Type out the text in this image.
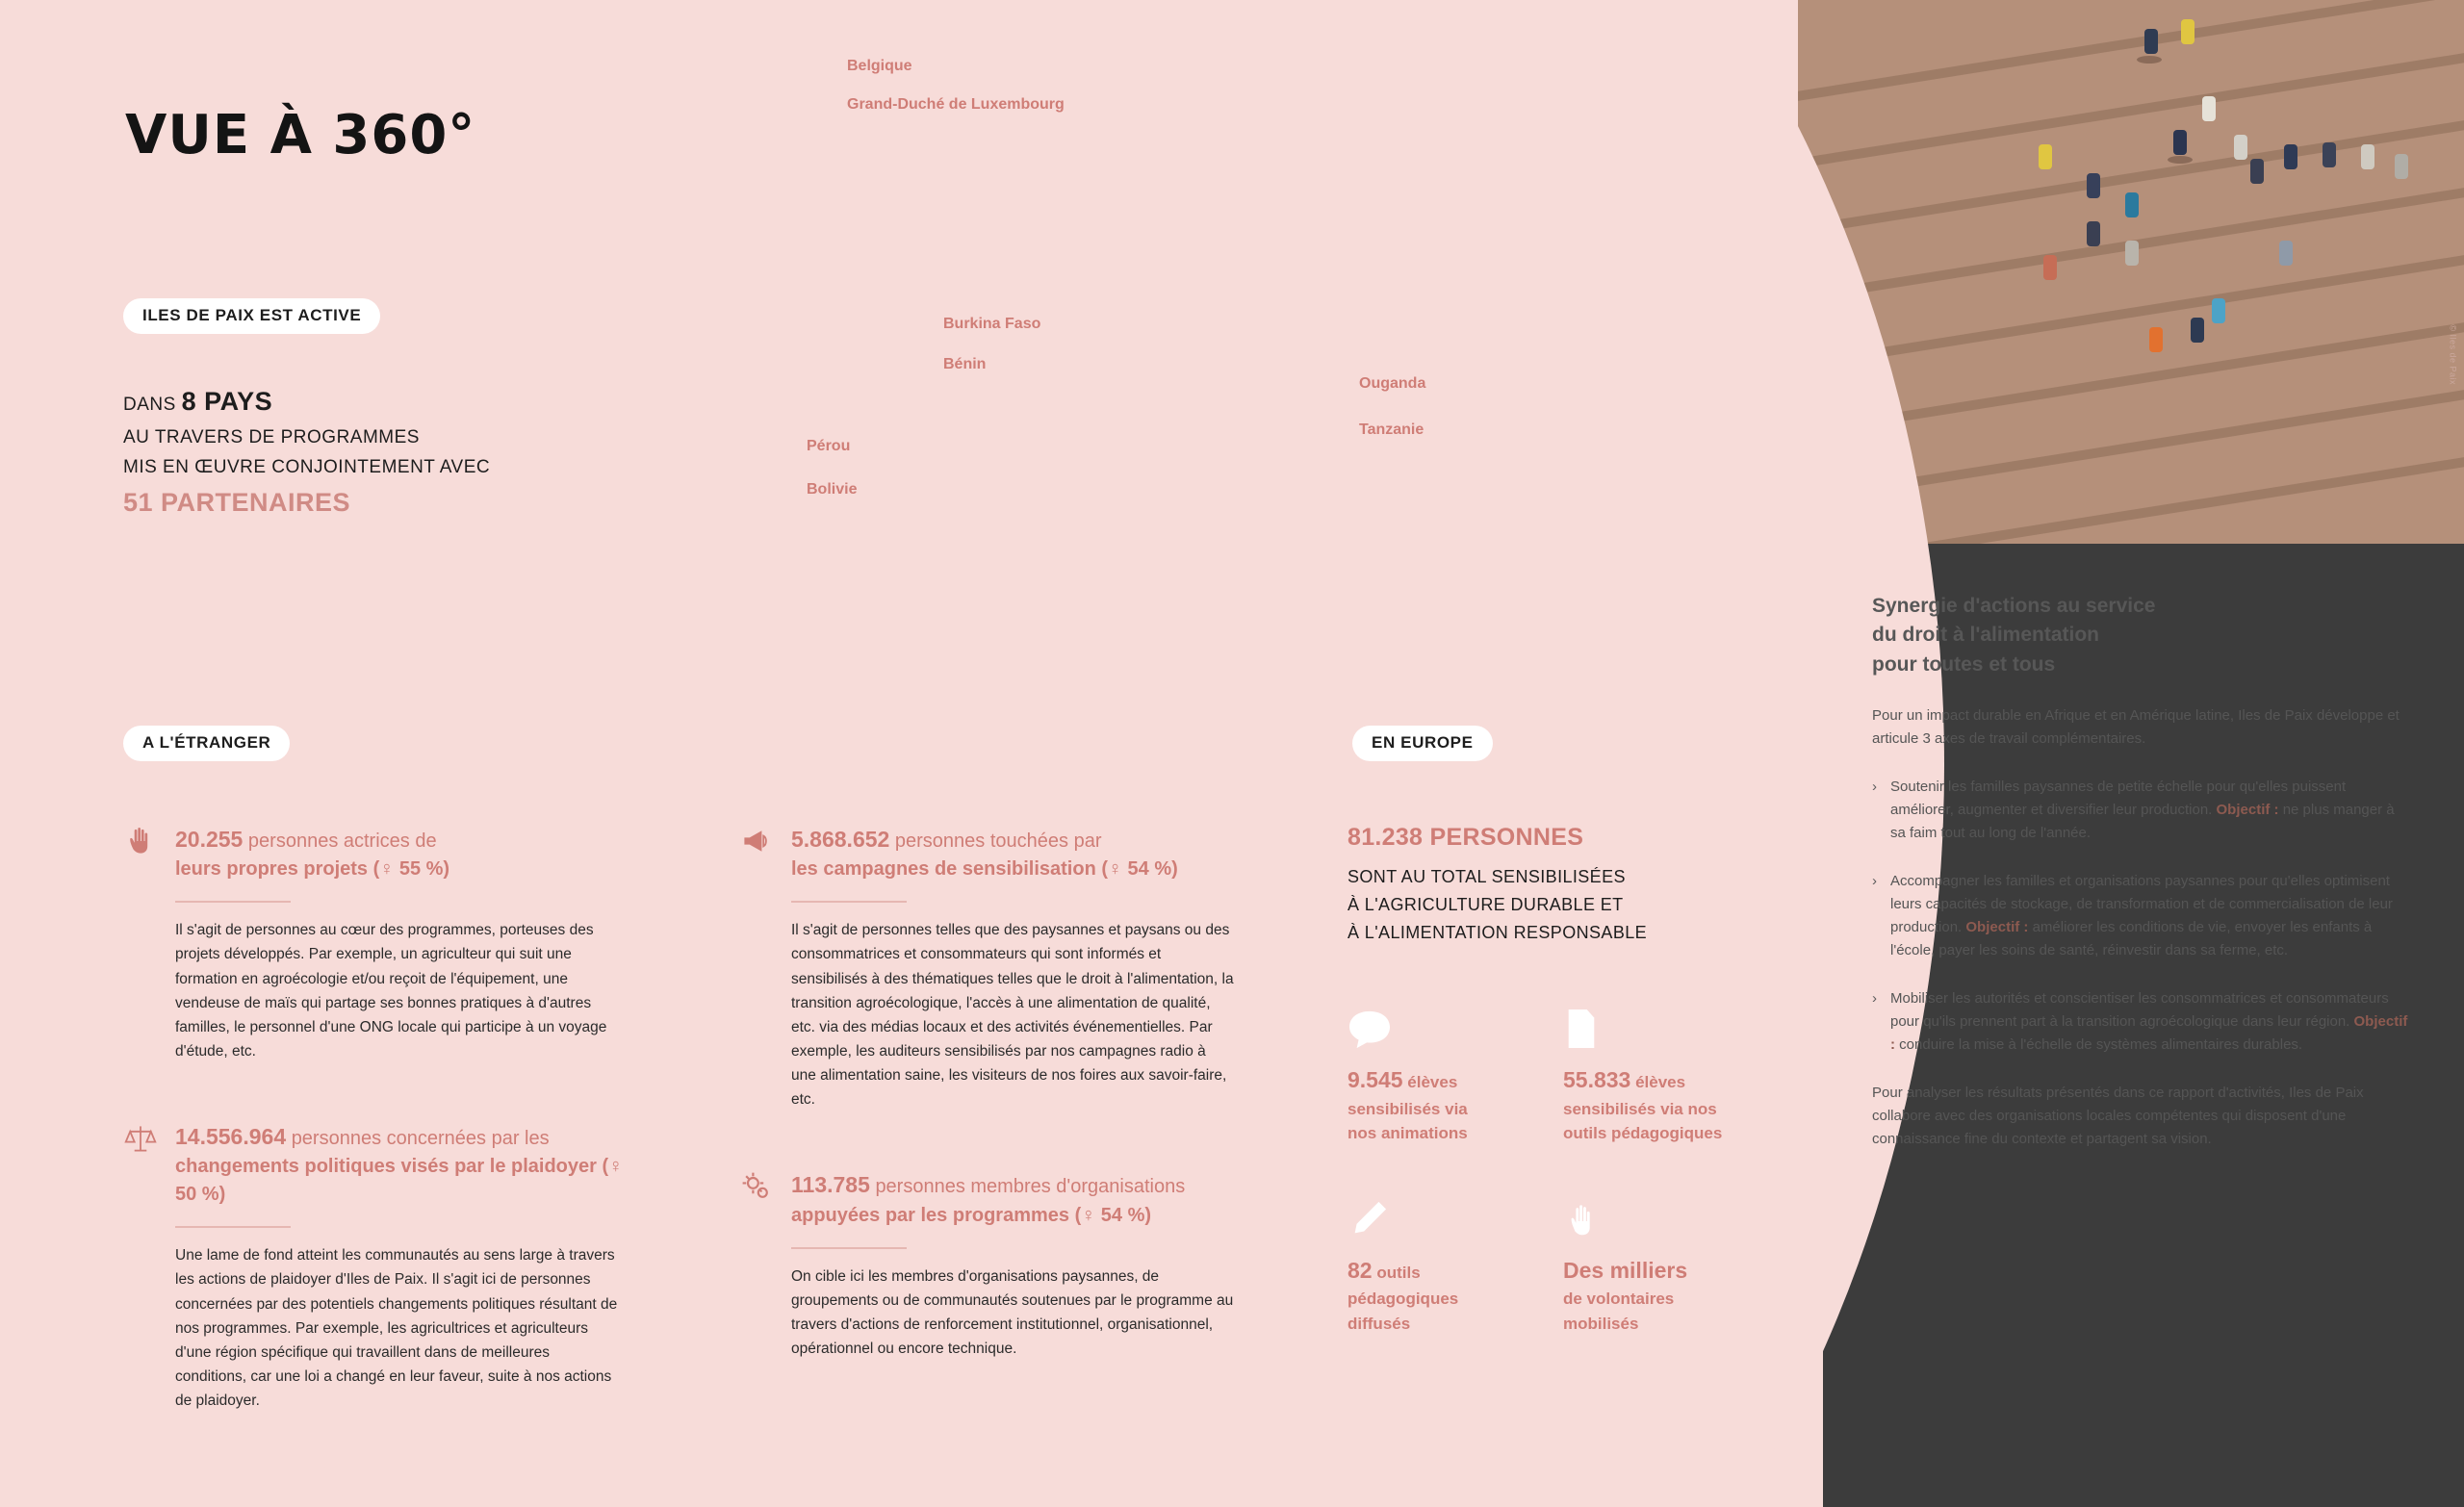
VUE À 360°
ILES DE PAIX EST ACTIVE
A L'ÉTRANGER	EN EUROPE
DANS 8 PAYS
AU TRAVERS DE PROGRAMMES
MIS EN ŒUVRE CONJOINTEMENT AVEC
51 PARTENAIRES
Belgique
Grand-Duché de Luxembourg
Burkina Faso
Bénin
Ouganda
Tanzanie
Pérou
Bolivie
20.255 personnes actrices de
leurs propres projets (♀ 55 %)
Il s'agit de personnes au cœur des programmes, porteuses des projets développés. Par exemple, un agriculteur qui suit une formation en agroécologie et/ou reçoit de l'équipement, une vendeuse de maïs qui partage ses bonnes pratiques à d'autres familles, le personnel d'une ONG locale qui participe à un voyage d'étude, etc.
14.556.964 personnes concernées par les
changements politiques visés par le plaidoyer (♀ 50 %)
Une lame de fond atteint les communautés au sens large à travers les actions de plaidoyer d'Iles de Paix. Il s'agit ici de personnes concernées par des potentiels changements politiques résultant de nos programmes. Par exemple, les agricultrices et agriculteurs d'une région spécifique qui travaillent dans de meilleures conditions, car une loi a changé en leur faveur, suite à nos actions de plaidoyer.
5.868.652 personnes touchées par
les campagnes de sensibilisation (♀ 54 %)
Il s'agit de personnes telles que des paysannes et paysans ou des consommatrices et consommateurs qui sont informés et sensibilisés à des thématiques telles que le droit à l'alimentation, la transition agroécologique, l'accès à une alimentation de qualité, etc. via des médias locaux et des activités événementielles. Par exemple, les auditeurs sensibilisés par nos campagnes radio à une alimentation saine, les visiteurs de nos foires aux savoir-faire, etc.
113.785 personnes membres d'organisations
appuyées par les programmes (♀ 54 %)
On cible ici les membres d'organisations paysannes, de groupements ou de communautés soutenues par le programme au travers d'actions de renforcement institutionnel, organisationnel, opérationnel ou encore technique.
81.238 PERSONNES
SONT AU TOTAL SENSIBILISÉES
À L'AGRICULTURE DURABLE ET
À L'ALIMENTATION RESPONSABLE
9.545 élèves
sensibilisés via
nos animations
55.833 élèves
sensibilisés via nos
outils pédagogiques
82 outils
pédagogiques
diffusés
Des milliers
de volontaires
mobilisés
Synergie d'actions au service
du droit à l'alimentation
pour toutes et tous
Pour un impact durable en Afrique et en Amérique latine, Iles de Paix développe et articule 3 axes de travail complémentaires.
› Soutenir les familles paysannes de petite échelle pour qu'elles puissent améliorer, augmenter et diversifier leur production. Objectif : ne plus manger à sa faim tout au long de l'année.
› Accompagner les familles et organisations paysannes pour qu'elles optimisent leurs capacités de stockage, de transformation et de commercialisation de leur production. Objectif : améliorer les conditions de vie, envoyer les enfants à l'école, payer les soins de santé, réinvestir dans sa ferme, etc.
› Mobiliser les autorités et conscientiser les consommatrices et consommateurs pour qu'ils prennent part à la transition agroécologique dans leur région. Objectif : conduire la mise à l'échelle de systèmes alimentaires durables.
Pour analyser les résultats présentés dans ce rapport d'activités, Iles de Paix collabore avec des organisations locales compétentes qui disposent d'une connaissance fine du contexte et partagent sa vision.
© Iles de Paix
